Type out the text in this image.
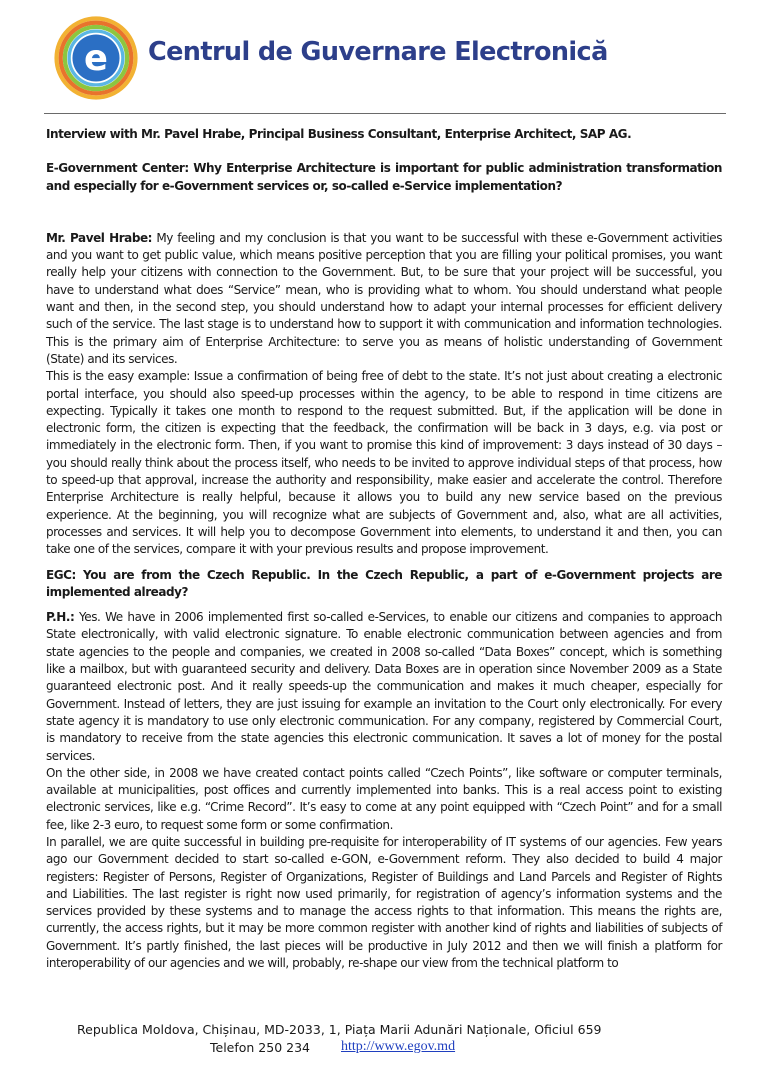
e Centrul de Guvernare Electronică

Interview with Mr. Pavel Hrabe, Principal Business Consultant, Enterprise Architect, SAP AG.

E-Government Center: Why Enterprise Architecture is important for public administration transformation and especially for e-Government services or, so-called e-Service implementation?

Mr. Pavel Hrabe: My feeling and my conclusion is that you want to be successful with these e-Government activities and you want to get public value, which means positive perception that you are filling your political promises, you want really help your citizens with connection to the Government. But, to be sure that your project will be successful, you have to understand what does “Service” mean, who is providing what to whom. You should understand what people want and then, in the second step, you should understand how to adapt your internal processes for efficient delivery such of the service. The last stage is to understand how to support it with communication and information technologies. This is the primary aim of Enterprise Architecture: to serve you as means of holistic understanding of Government (State) and its services.

This is the easy example: Issue a confirmation of being free of debt to the state. It’s not just about creating a electronic portal interface, you should also speed-up processes within the agency, to be able to respond in time citizens are expecting. Typically it takes one month to respond to the request submitted. But, if the application will be done in electronic form, the citizen is expecting that the feedback, the confirmation will be back in 3 days, e.g. via post or immediately in the electronic form. Then, if you want to promise this kind of improvement: 3 days instead of 30 days – you should really think about the process itself, who needs to be invited to approve individual steps of that process, how to speed-up that approval, increase the authority and responsibility, make easier and accelerate the control. Therefore Enterprise Architecture is really helpful, because it allows you to build any new service based on the previous experience. At the beginning, you will recognize what are subjects of Government and, also, what are all activities, processes and services. It will help you to decompose Government into elements, to understand it and then, you can take one of the services, compare it with your previous results and propose improvement.

EGC: You are from the Czech Republic. In the Czech Republic, a part of e-Government projects are implemented already?

P.H.: Yes. We have in 2006 implemented first so-called e-Services, to enable our citizens and companies to approach State electronically, with valid electronic signature. To enable electronic communication between agencies and from state agencies to the people and companies, we created in 2008 so-called “Data Boxes” concept, which is something like a mailbox, but with guaranteed security and delivery. Data Boxes are in operation since November 2009 as a State guaranteed electronic post. And it really speeds-up the communication and makes it much cheaper, especially for Government. Instead of letters, they are just issuing for example an invitation to the Court only electronically. For every state agency it is mandatory to use only electronic communication. For any company, registered by Commercial Court, is mandatory to receive from the state agencies this electronic communication. It saves a lot of money for the postal services.

On the other side, in 2008 we have created contact points called “Czech Points”, like software or computer terminals, available at municipalities, post offices and currently implemented into banks. This is a real access point to existing electronic services, like e.g. “Crime Record”. It’s easy to come at any point equipped with “Czech Point” and for a small fee, like 2-3 euro, to request some form or some confirmation.

In parallel, we are quite successful in building pre-requisite for interoperability of IT systems of our agencies. Few years ago our Government decided to start so-called e-GON, e-Government reform. They also decided to build 4 major registers: Register of Persons, Register of Organizations, Register of Buildings and Land Parcels and Register of Rights and Liabilities. The last register is right now used primarily, for registration of agency’s information systems and the services provided by these systems and to manage the access rights to that information. This means the rights are, currently, the access rights, but it may be more common register with another kind of rights and liabilities of subjects of Government. It’s partly finished, the last pieces will be productive in July 2012 and then we will finish a platform for interoperability of our agencies and we will, probably, re-shape our view from the technical platform to

Republica Moldova, Chișinau, MD-2033, 1, Piața Marii Adunări Naționale, Oficiul 659
Telefon 250 234 http://www.egov.md
